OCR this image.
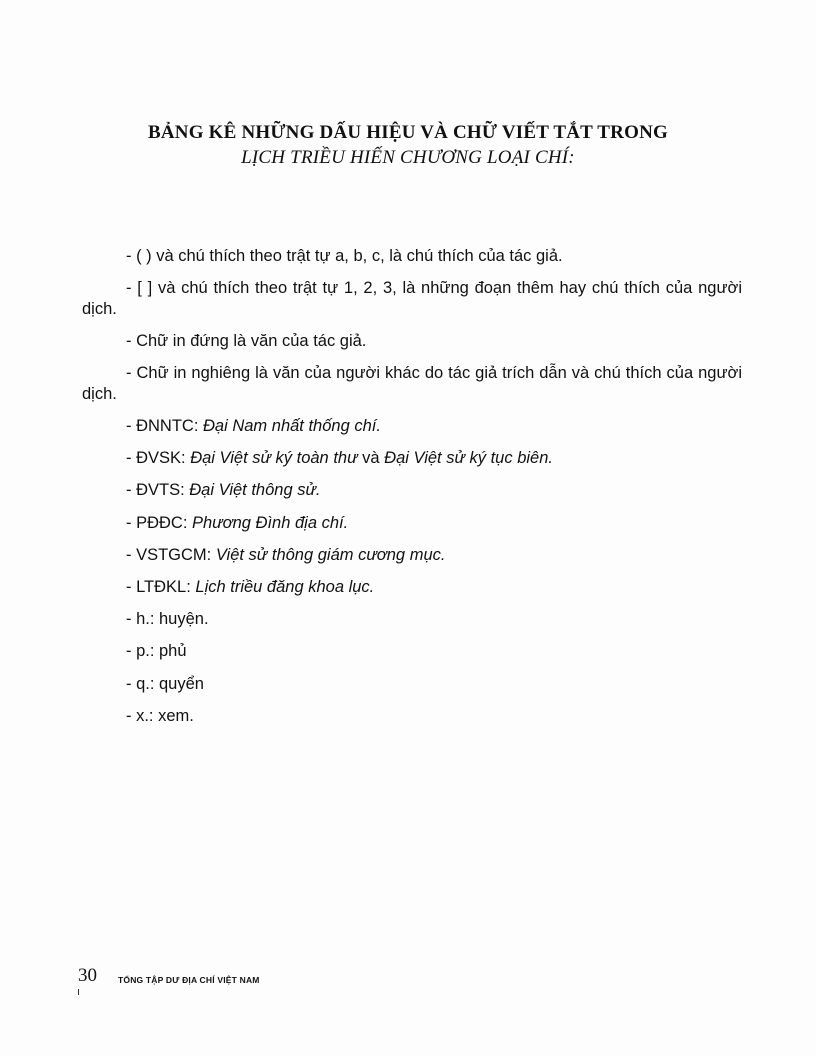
BẢNG KÊ NHỮNG DẤU HIỆU VÀ CHỮ VIẾT TẮT TRONG
LỊCH TRIỀU HIẾN CHƯƠNG LOẠI CHÍ:

- ( ) và chú thích theo trật tự a, b, c, là chú thích của tác giả.

- [ ] và chú thích theo trật tự 1, 2, 3, là những đoạn thêm hay chú thích của người dịch.

- Chữ in đứng là văn của tác giả.

- Chữ in nghiêng là văn của người khác do tác giả trích dẫn và chú thích của người dịch.

- ĐNNTC: Đại Nam nhất thống chí.
- ĐVSK: Đại Việt sử ký toàn thư và Đại Việt sử ký tục biên.
- ĐVTS: Đại Việt thông sử.
- PĐĐC: Phương Đình địa chí.
- VSTGCM: Việt sử thông giám cương mục.
- LTĐKL: Lịch triều đăng khoa lục.
- h.: huyện.
- p.: phủ
- q.: quyển
- x.: xem.
30 TỔNG TẬP DƯ ĐỊA CHÍ VIỆT NAM
